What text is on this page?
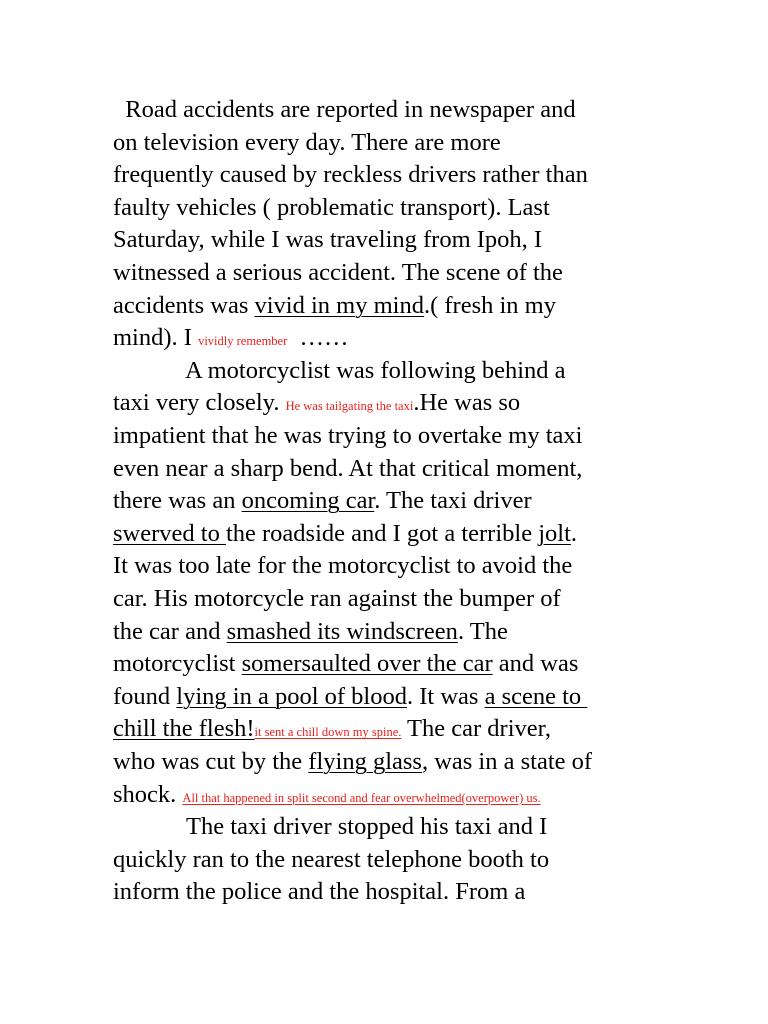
Road accidents are reported in newspaper and
on television every day. There are more
frequently caused by reckless drivers rather than
faulty vehicles ( problematic transport). Last
Saturday, while I was traveling from Ipoh, I
witnessed a serious accident. The scene of the
accidents was vivid in my mind.( fresh in my
mind). I vividly remember  ……
A motorcyclist was following behind a
taxi very closely. He was tailgating the taxi.He was so
impatient that he was trying to overtake my taxi
even near a sharp bend. At that critical moment,
there was an oncoming car. The taxi driver
swerved to the roadside and I got a terrible jolt.
It was too late for the motorcyclist to avoid the
car. His motorcycle ran against the bumper of
the car and smashed its windscreen. The
motorcyclist somersaulted over the car and was
found lying in a pool of blood. It was a scene to
chill the flesh!it sent a chill down my spine. The car driver,
who was cut by the flying glass, was in a state of
shock. All that happened in split second and fear overwhelmed(overpower) us.
The taxi driver stopped his taxi and I
quickly ran to the nearest telephone booth to
inform the police and the hospital. From a
